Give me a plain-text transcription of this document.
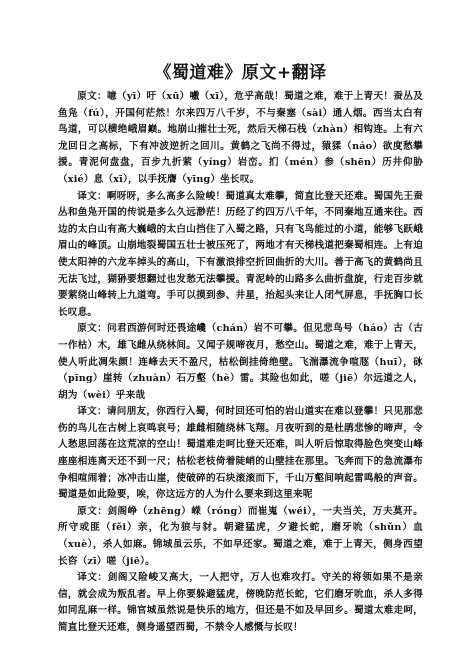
《蜀道难》原文+翻译

原文：噫（yī）吁（xū）嚱（xī），危乎高哉！蜀道之难，难于上青天！蚕丛及鱼凫（fú），开国何茫然！尔来四万八千岁，不与秦塞（sài）通人烟。西当太白有鸟道，可以横绝峨眉巅。地崩山摧壮士死，然后天梯石栈（zhàn）相钩连。上有六龙回日之高标，下有冲波逆折之回川。黄鹤之飞尚不得过，猿猱（náo）欲度愁攀援。青泥何盘盘，百步九折萦（yíng）岩峦。扪（mén）参（shēn）历井仰胁（xié）息（xī），以手抚膺（yīng）坐长叹。

译文：啊呀呀，多么高多么险峻！蜀道真太难攀，简直比登天还难。蜀国先王蚕丛和鱼凫开国的传说是多么久远渺茫！历经了约四万八千年，不同秦地互通来往。西边的太白山有高大巍峨的太白山挡住了入蜀之路，只有飞鸟能过的小道，能够飞跃峨眉山的峰顶。山崩地裂蜀国五壮士被压死了，两地才有天梯栈道把秦蜀相连。上有迫使太阳神的六龙车掉头的高山，下有激浪排空折回曲折的大川。善于高飞的黄鹤尚且无法飞过，猢狲要想翻过也发愁无法攀援。青泥岭的山路多么曲折盘旋，行走百步就要萦绕山峰转上九道弯。手可以摸到参、井星，抬起头来让人闭气屏息，手抚胸口长长叹息。

原文：问君西游何时还畏途巉（chán）岩不可攀。但见悲鸟号（háo）古（古一作枯）木，雄飞雌从绕林间。又闻子规啼夜月，愁空山。蜀道之难，难于上青天，使人听此凋朱颜！连峰去天不盈尺，枯松倒挂倚绝壁。飞湍瀑流争喧豗（huī），砯（pīng）崖转（zhuàn）石万壑（hè）雷。其险也如此，嗟（jiē）尔远道之人，胡为（wèi）乎来哉

译文：请问朋友，你西行入蜀，何时回还可怕的岩山道实在难以登攀！只见那悲伤的鸟儿在古树上哀鸣哀号；雄雌相随绕林飞翔。月夜听到的是杜鹃悲惨的啼声，令人愁思回荡在这荒凉的空山！蜀道难走呵比登天还难，叫人听后惊取得脸色突变山峰座座相连离天还不到一尺；枯松老枝倚着陡峭的山壁挂在那里。飞奔而下的急流瀑布争相喧闹着；冰冲击山崖，使破碎的石块滚滚而下，千山万壑间响起雷鸣般的声音。蜀道是如此险要，唉，你这远方的人为什么要来到这里来呢

原文：剑阁峥（zhēng）嵘（róng）而崔嵬（wéi），一夫当关，万夫莫开。所守或匪（fěi）亲，化为狼与豺。朝避猛虎，夕避长蛇，磨牙吮（shǔn）血（xuè），杀人如麻。锦城虽云乐，不如早还家。蜀道之难，难于上青天，侧身西望长咨（zī）嗟（jiē）。

译文：剑阁又险峻又高大，一人把守，万人也难攻打。守关的将领如果不是亲信，就会成为叛乱者。早上你要躲避猛虎，傍晚防范长蛇，它们磨牙吮血，杀人多得如同乱麻一样。锦官城虽然说是快乐的地方，但还是不如及早回乡。蜀道太难走呵，简直比登天还难，侧身遥望西蜀，不禁令人感慨与长叹！
